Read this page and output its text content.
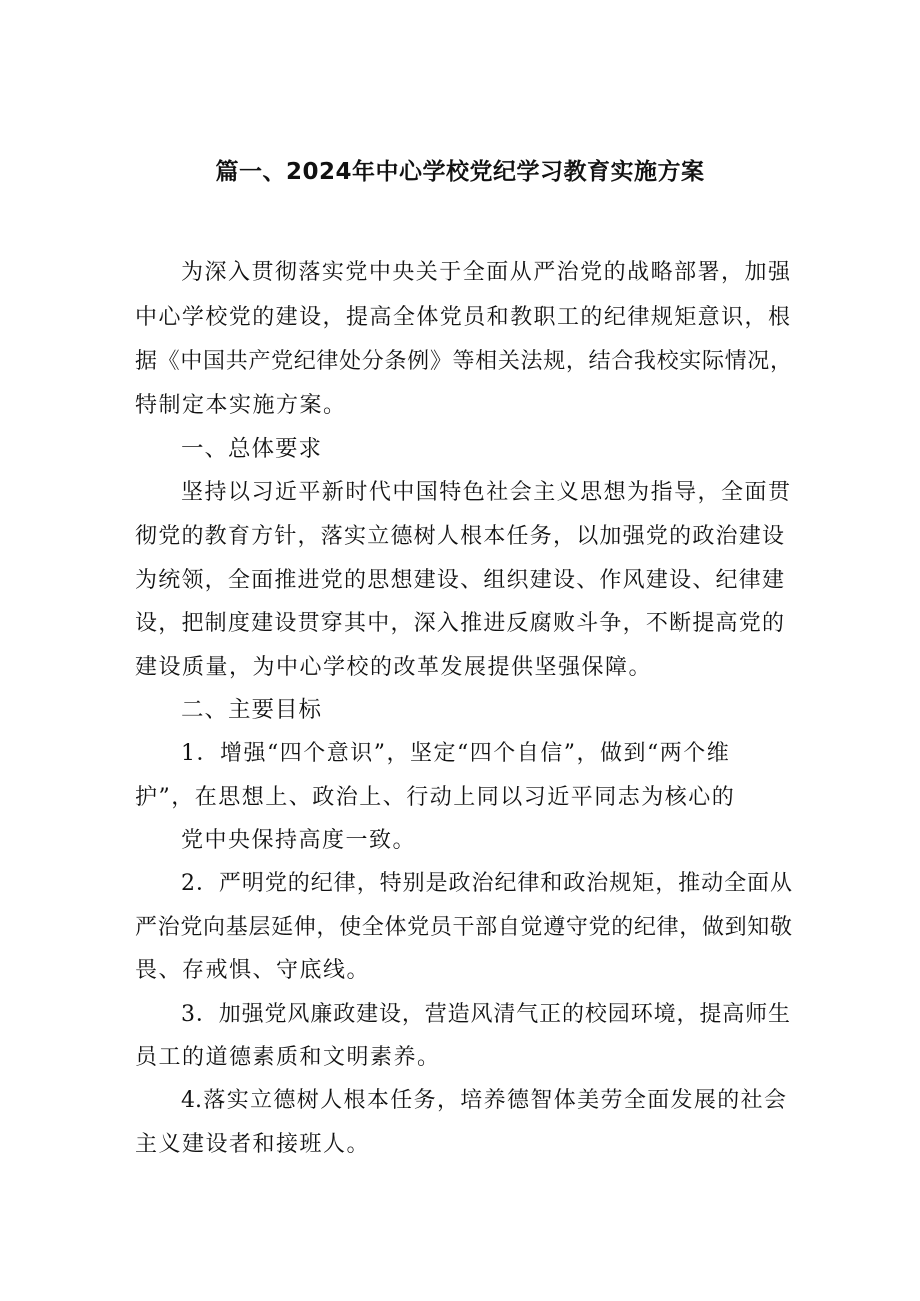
篇一、2024年中心学校党纪学习教育实施方案
为深入贯彻落实党中央关于全面从严治党的战略部署，加强
中心学校党的建设，提高全体党员和教职工的纪律规矩意识，根
据《中国共产党纪律处分条例》等相关法规，结合我校实际情况，
特制定本实施方案。
一、总体要求
坚持以习近平新时代中国特色社会主义思想为指导，全面贯
彻党的教育方针，落实立德树人根本任务，以加强党的政治建设
为统领，全面推进党的思想建设、组织建设、作风建设、纪律建
设，把制度建设贯穿其中，深入推进反腐败斗争，不断提高党的
建设质量，为中心学校的改革发展提供坚强保障。
二、主要目标
1．增强“四个意识”，坚定“四个自信”，做到“两个维
护”，在思想上、政治上、行动上同以习近平同志为核心的
党中央保持高度一致。
2．严明党的纪律，特别是政治纪律和政治规矩，推动全面从
严治党向基层延伸，使全体党员干部自觉遵守党的纪律，做到知敬
畏、存戒惧、守底线。
3．加强党风廉政建设，营造风清气正的校园环境，提高师生
员工的道德素质和文明素养。
4.落实立德树人根本任务，培养德智体美劳全面发展的社会
主义建设者和接班人。
